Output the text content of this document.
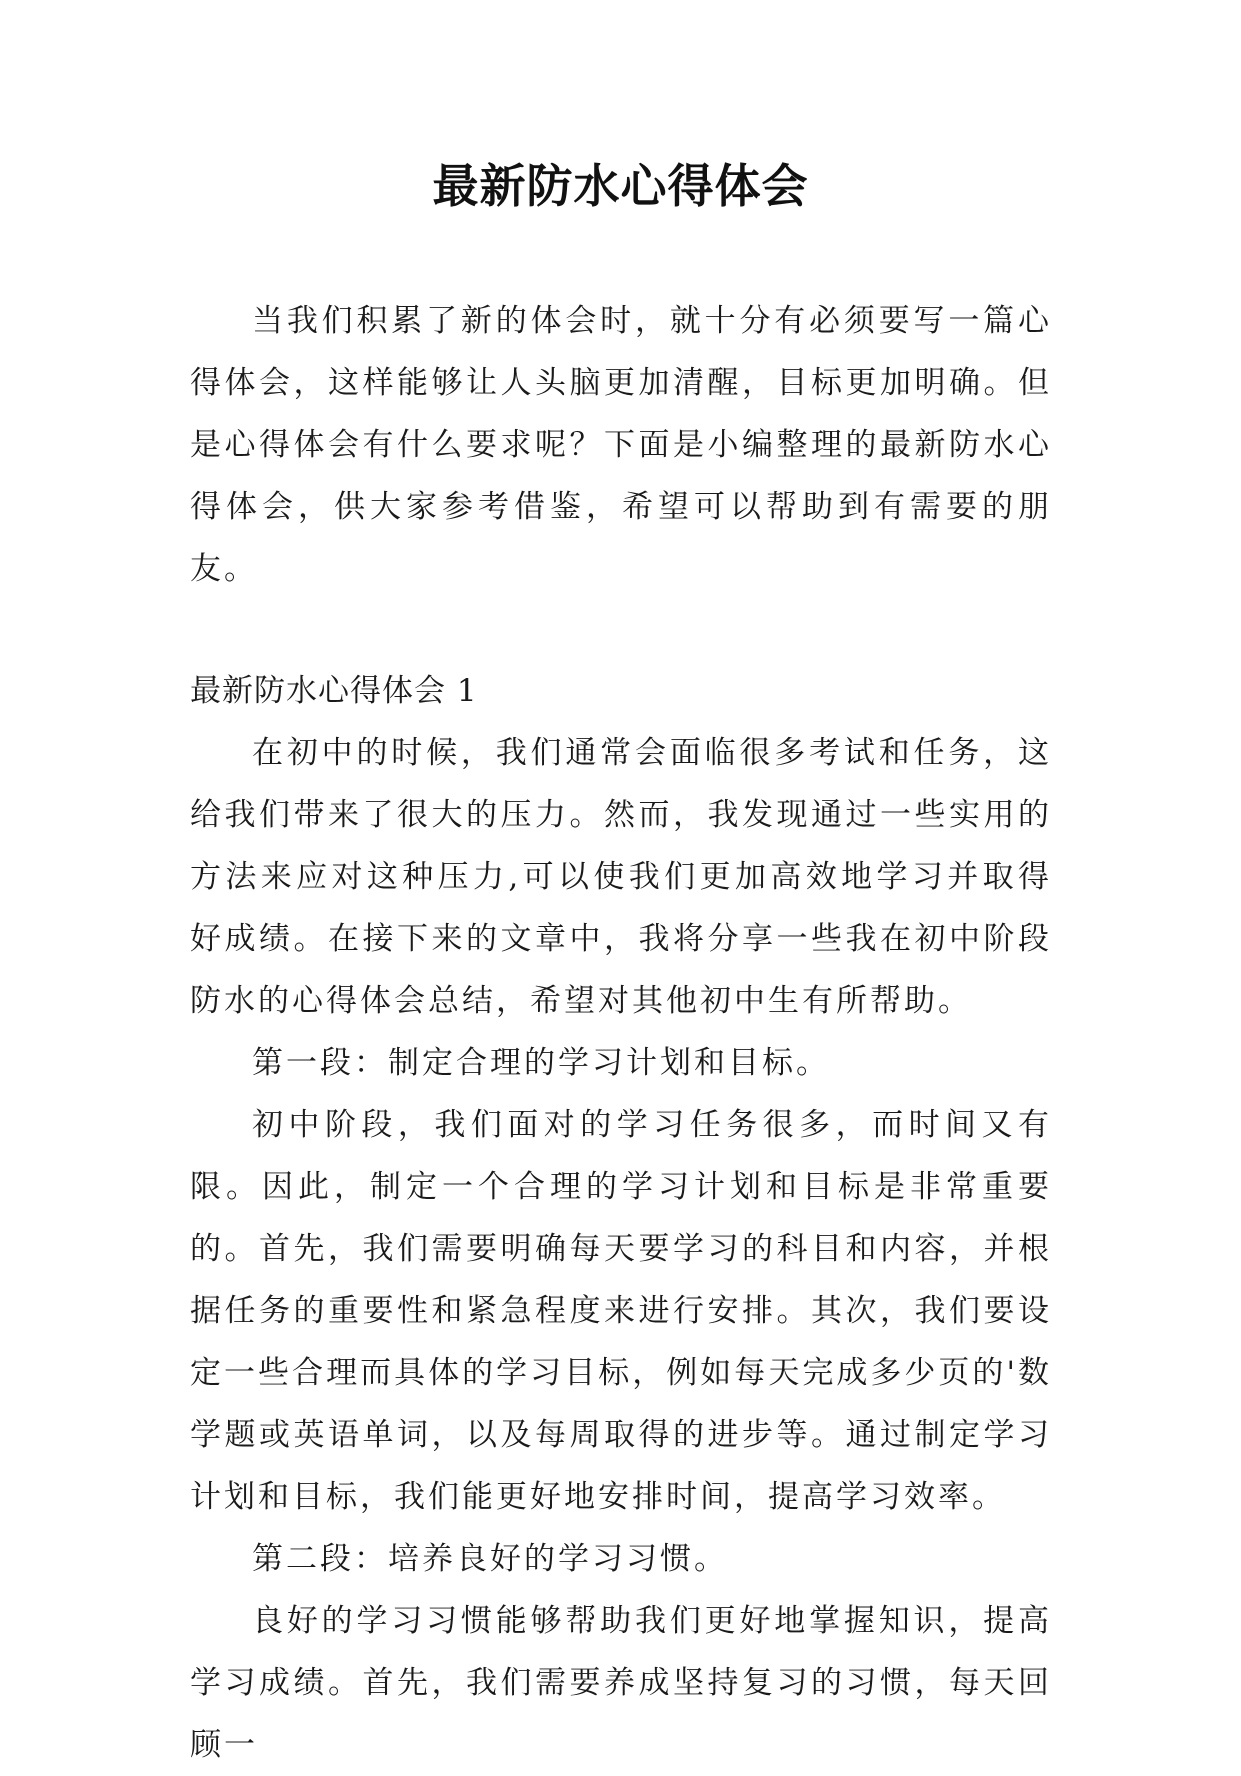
最新防水心得体会

当我们积累了新的体会时，就十分有必须要写一篇心得体会，这样能够让人头脑更加清醒，目标更加明确。但是心得体会有什么要求呢？下面是小编整理的最新防水心得体会，供大家参考借鉴，希望可以帮助到有需要的朋友。

最新防水心得体会 1

在初中的时候，我们通常会面临很多考试和任务，这给我们带来了很大的压力。然而，我发现通过一些实用的方法来应对这种压力,可以使我们更加高效地学习并取得好成绩。在接下来的文章中，我将分享一些我在初中阶段防水的心得体会总结，希望对其他初中生有所帮助。

第一段：制定合理的学习计划和目标。

初中阶段，我们面对的学习任务很多，而时间又有限。因此，制定一个合理的学习计划和目标是非常重要的。首先，我们需要明确每天要学习的科目和内容，并根据任务的重要性和紧急程度来进行安排。其次，我们要设定一些合理而具体的学习目标，例如每天完成多少页的'数学题或英语单词，以及每周取得的进步等。通过制定学习计划和目标，我们能更好地安排时间，提高学习效率。

第二段：培养良好的学习习惯。

良好的学习习惯能够帮助我们更好地掌握知识，提高学习成绩。首先，我们需要养成坚持复习的习惯，每天回顾一
